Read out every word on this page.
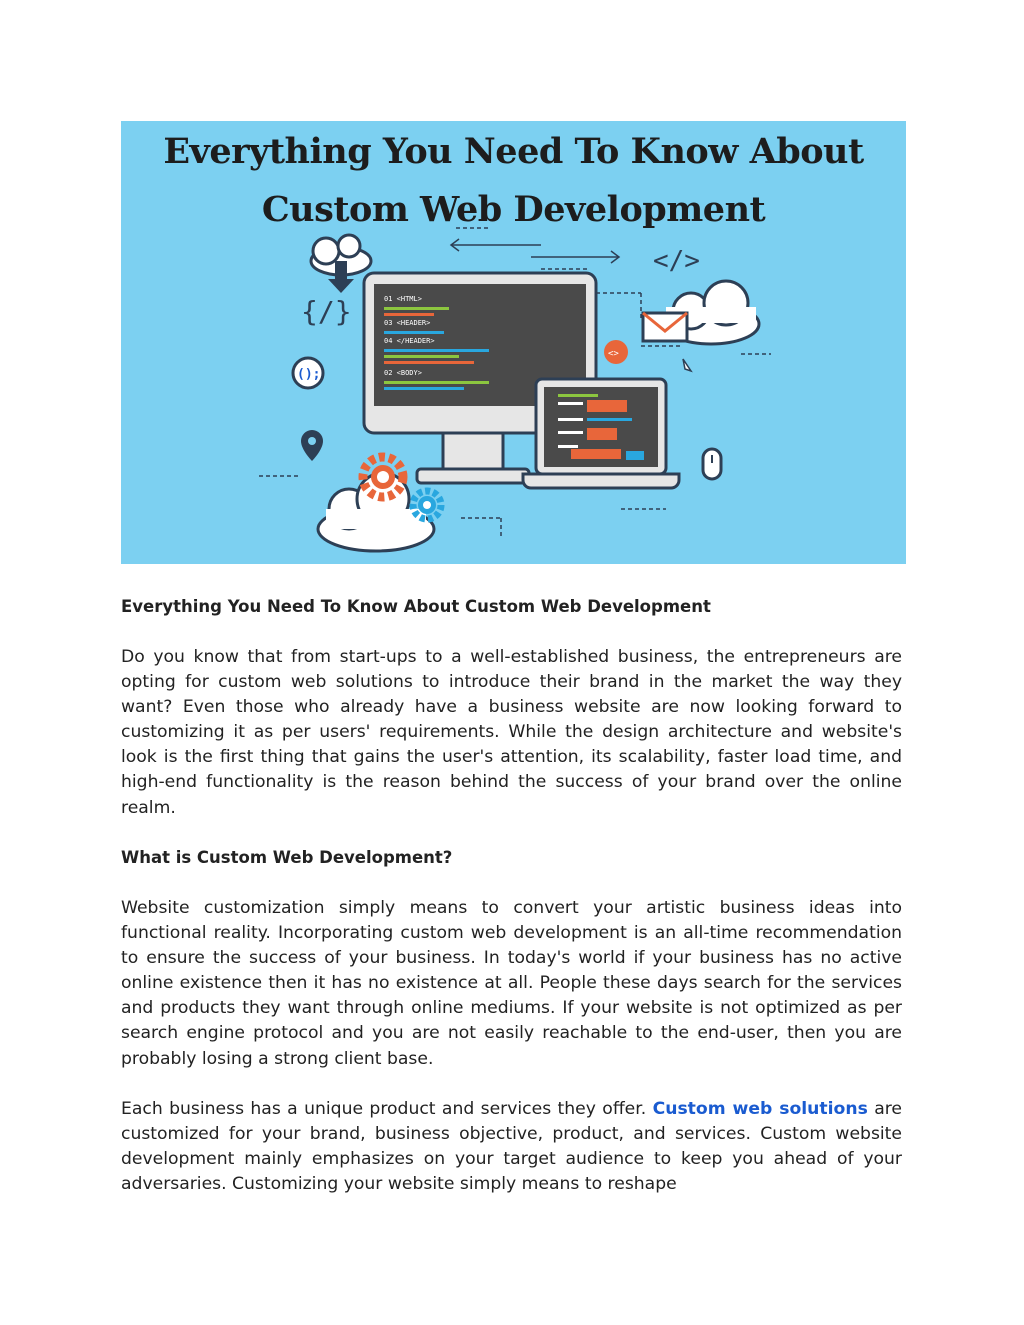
Everything You Need To Know About
Custom Web Development
</>
{/}
();
01 <HTML>
03 <HEADER>
04 </HEADER>
02 <BODY>
<>
Everything You Need To Know About Custom Web Development

Do you know that from start-ups to a well-established business, the entrepreneurs are opting for custom web solutions to introduce their brand in the market the way they want? Even those who already have a business website are now looking forward to customizing it as per users' requirements. While the design architecture and website's look is the first thing that gains the user's attention, its scalability, faster load time, and high-end functionality is the reason behind the success of your brand over the online realm.

What is Custom Web Development?

Website customization simply means to convert your artistic business ideas into functional reality. Incorporating custom web development is an all-time recommendation to ensure the success of your business. In today's world if your business has no active online existence then it has no existence at all. People these days search for the services and products they want through online mediums. If your website is not optimized as per search engine protocol and you are not easily reachable to the end-user, then you are probably losing a strong client base.

Each business has a unique product and services they offer. Custom web solutions are customized for your brand, business objective, product, and services. Custom website development mainly emphasizes on your target audience to keep you ahead of your adversaries. Customizing your website simply means to reshape
